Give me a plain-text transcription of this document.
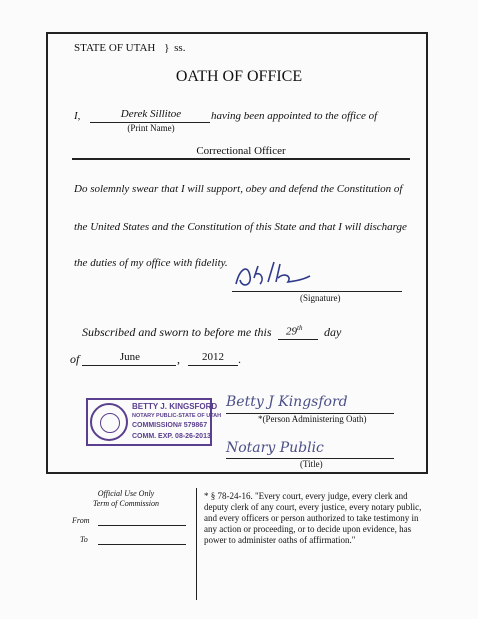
STATE OF UTAH } ss.
OATH OF OFFICE
I,	Derek Sillitoe
(Print Name)
having been appointed to the office of
Correctional Officer
Do solemnly swear that I will support, obey and defend the Constitution of
the United States and the Constitution of this State and that I will discharge
the duties of my office with fidelity.
(Signature)
Subscribed and sworn to before me this 29th day
of	June	,	2012	.
BETTY J. KINGSFORD
NOTARY PUBLIC-STATE OF UTAH
COMMISSION# 579867
COMM. EXP. 08-26-2013
Betty J Kingsford
*(Person Administering Oath)
Notary Public
(Title)
Official Use Only
Term of Commission
From
To
* § 78-24-16. "Every court, every judge, every clerk and
deputy clerk of any court, every justice, every notary public,
and every officers or person authorized to take testimony in
any action or proceeding, or to decide upon evidence, has
power to administer oaths of affirmation."
